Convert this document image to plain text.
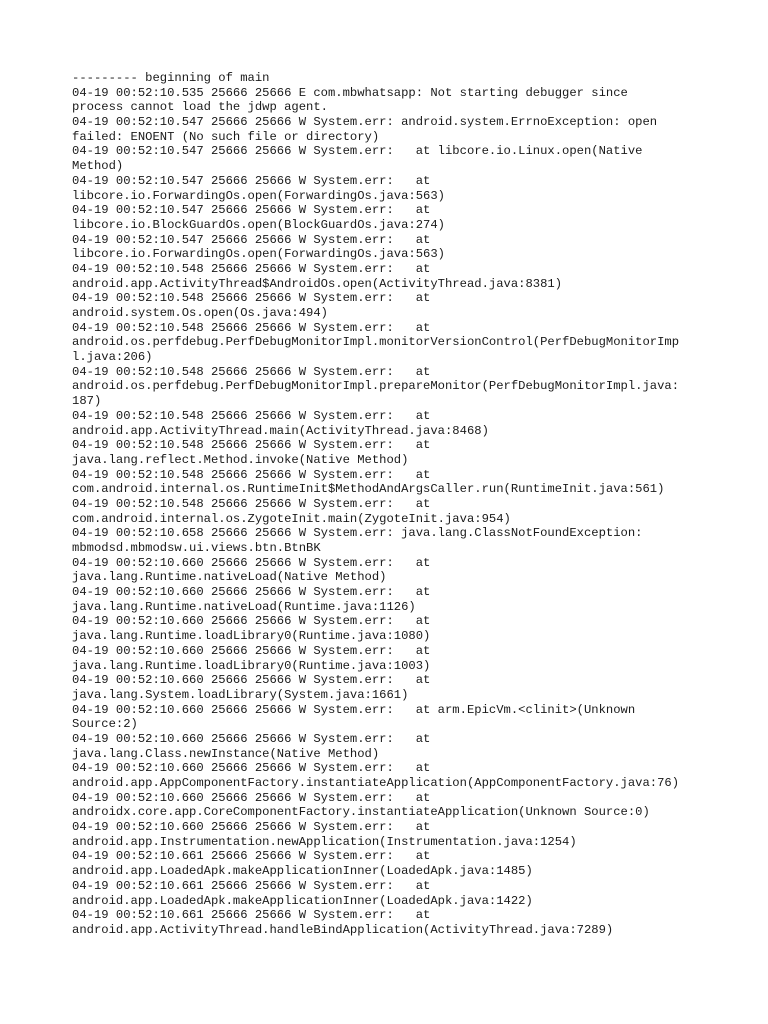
--------- beginning of main
04-19 00:52:10.535 25666 25666 E com.mbwhatsapp: Not starting debugger since
process cannot load the jdwp agent.
04-19 00:52:10.547 25666 25666 W System.err: android.system.ErrnoException: open
failed: ENOENT (No such file or directory)
04-19 00:52:10.547 25666 25666 W System.err:   at libcore.io.Linux.open(Native
Method)
04-19 00:52:10.547 25666 25666 W System.err:   at
libcore.io.ForwardingOs.open(ForwardingOs.java:563)
04-19 00:52:10.547 25666 25666 W System.err:   at
libcore.io.BlockGuardOs.open(BlockGuardOs.java:274)
04-19 00:52:10.547 25666 25666 W System.err:   at
libcore.io.ForwardingOs.open(ForwardingOs.java:563)
04-19 00:52:10.548 25666 25666 W System.err:   at
android.app.ActivityThread$AndroidOs.open(ActivityThread.java:8381)
04-19 00:52:10.548 25666 25666 W System.err:   at
android.system.Os.open(Os.java:494)
04-19 00:52:10.548 25666 25666 W System.err:   at
android.os.perfdebug.PerfDebugMonitorImpl.monitorVersionControl(PerfDebugMonitorImp
l.java:206)
04-19 00:52:10.548 25666 25666 W System.err:   at
android.os.perfdebug.PerfDebugMonitorImpl.prepareMonitor(PerfDebugMonitorImpl.java:
187)
04-19 00:52:10.548 25666 25666 W System.err:   at
android.app.ActivityThread.main(ActivityThread.java:8468)
04-19 00:52:10.548 25666 25666 W System.err:   at
java.lang.reflect.Method.invoke(Native Method)
04-19 00:52:10.548 25666 25666 W System.err:   at
com.android.internal.os.RuntimeInit$MethodAndArgsCaller.run(RuntimeInit.java:561)
04-19 00:52:10.548 25666 25666 W System.err:   at
com.android.internal.os.ZygoteInit.main(ZygoteInit.java:954)
04-19 00:52:10.658 25666 25666 W System.err: java.lang.ClassNotFoundException:
mbmodsd.mbmodsw.ui.views.btn.BtnBK
04-19 00:52:10.660 25666 25666 W System.err:   at
java.lang.Runtime.nativeLoad(Native Method)
04-19 00:52:10.660 25666 25666 W System.err:   at
java.lang.Runtime.nativeLoad(Runtime.java:1126)
04-19 00:52:10.660 25666 25666 W System.err:   at
java.lang.Runtime.loadLibrary0(Runtime.java:1080)
04-19 00:52:10.660 25666 25666 W System.err:   at
java.lang.Runtime.loadLibrary0(Runtime.java:1003)
04-19 00:52:10.660 25666 25666 W System.err:   at
java.lang.System.loadLibrary(System.java:1661)
04-19 00:52:10.660 25666 25666 W System.err:   at arm.EpicVm.<clinit>(Unknown
Source:2)
04-19 00:52:10.660 25666 25666 W System.err:   at
java.lang.Class.newInstance(Native Method)
04-19 00:52:10.660 25666 25666 W System.err:   at
android.app.AppComponentFactory.instantiateApplication(AppComponentFactory.java:76)
04-19 00:52:10.660 25666 25666 W System.err:   at
androidx.core.app.CoreComponentFactory.instantiateApplication(Unknown Source:0)
04-19 00:52:10.660 25666 25666 W System.err:   at
android.app.Instrumentation.newApplication(Instrumentation.java:1254)
04-19 00:52:10.661 25666 25666 W System.err:   at
android.app.LoadedApk.makeApplicationInner(LoadedApk.java:1485)
04-19 00:52:10.661 25666 25666 W System.err:   at
android.app.LoadedApk.makeApplicationInner(LoadedApk.java:1422)
04-19 00:52:10.661 25666 25666 W System.err:   at
android.app.ActivityThread.handleBindApplication(ActivityThread.java:7289)
